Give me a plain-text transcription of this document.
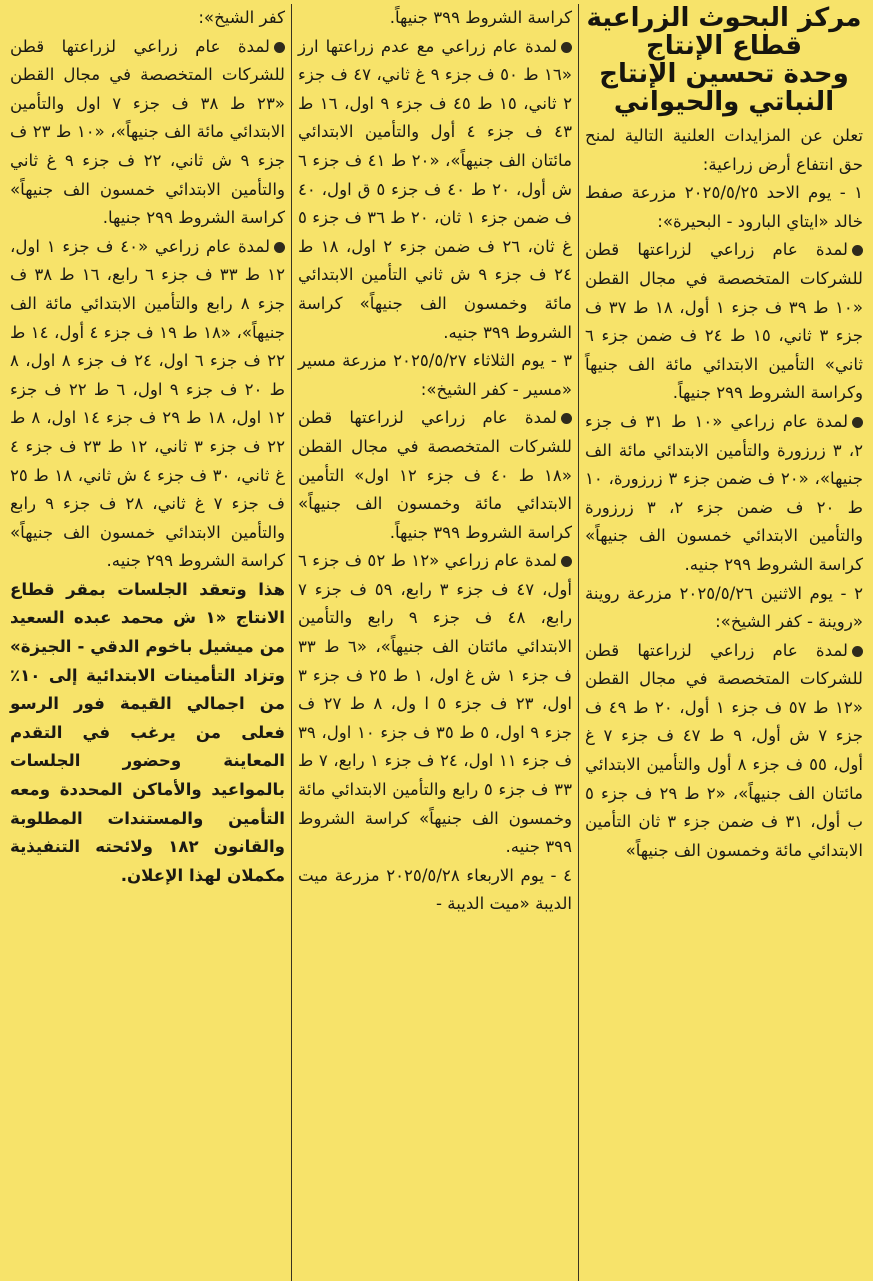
مركز البحوث الزراعية
قطاع الإنتاج
وحدة تحسين الإنتاج
النباتي والحيواني

تعلن عن المزايدات العلنية التالية لمنح حق انتفاع أرض زراعية:

١ - يوم الاحد ٢٠٢٥/٥/٢٥ مزرعة صفط خالد «ايتاي البارود - البحيرة»:

لمدة عام زراعي لزراعتها قطن للشركات المتخصصة في مجال القطن «١٠ ط ٣٩ ف جزء ١ أول، ١٨ ط ٣٧ ف جزء ٣ ثاني، ١٥ ط ٢٤ ف ضمن جزء ٦ ثاني» التأمين الابتدائي مائة الف جنيهاً وكراسة الشروط ٢٩٩ جنيهاً.

لمدة عام زراعي «١٠ ط ٣١ ف جزء ٢، ٣ زرزورة والتأمين الابتدائي مائة الف جنيها»، «٢٠ ف ضمن جزء ٣ زرزورة، ١٠ ط ٢٠ ف ضمن جزء ٢، ٣ زرزورة والتأمين الابتدائي خمسون الف جنيهاً» كراسة الشروط ٢٩٩ جنيه.

٢ - يوم الاثنين ٢٠٢٥/٥/٢٦ مزرعة روينة «روينة - كفر الشيخ»:

لمدة عام زراعي لزراعتها قطن للشركات المتخصصة في مجال القطن «١٢ ط ٥٧ ف جزء ١ أول، ٢٠ ط ٤٩ ف جزء ٧ ش أول، ٩ ط ٤٧ ف جزء ٧ غ أول، ٥٥ ف جزء ٨ أول والتأمين الابتدائي مائتان الف جنيهاً»، «٢ ط ٢٩ ف جزء ٥ ب أول، ٣١ ف ضمن جزء ٣ ثان التأمين الابتدائي مائة وخمسون الف جنيهاً»

كراسة الشروط ٣٩٩ جنيهاً.

لمدة عام زراعي مع عدم زراعتها ارز «١٦ ط ٥٠ ف جزء ٩ غ ثاني، ٤٧ ف جزء ٢ ثاني، ١٥ ط ٤٥ ف جزء ٩ اول، ١٦ ط ٤٣ ف جزء ٤ أول والتأمين الابتدائي مائتان الف جنيهاً»، «٢٠ ط ٤١ ف جزء ٦ ش أول، ٢٠ ط ٤٠ ف جزء ٥ ق اول، ٤٠ ف ضمن جزء ١ ثان، ٢٠ ط ٣٦ ف جزء ٥ غ ثان، ٢٦ ف ضمن جزء ٢ اول، ١٨ ط ٢٤ ف جزء ٩ ش ثاني التأمين الابتدائي مائة وخمسون الف جنيهاً» كراسة الشروط ٣٩٩ جنيه.

٣ - يوم الثلاثاء ٢٠٢٥/٥/٢٧ مزرعة مسير «مسير - كفر الشيخ»:

لمدة عام زراعي لزراعتها قطن للشركات المتخصصة في مجال القطن «١٨ ط ٤٠ ف جزء ١٢ اول» التأمين الابتدائي مائة وخمسون الف جنيهاً» كراسة الشروط ٣٩٩ جنيهاً.

لمدة عام زراعي «١٢ ط ٥٢ ف جزء ٦ أول، ٤٧ ف جزء ٣ رابع، ٥٩ ف جزء ٧ رابع، ٤٨ ف جزء ٩ رابع والتأمين الابتدائي مائتان الف جنيهاً»، «٦ ط ٣٣ ف جزء ١ ش غ اول، ١ ط ٢٥ ف جزء ٣ اول، ٢٣ ف جزء ٥ ا ول، ٨ ط ٢٧ ف جزء ٩ اول، ٥ ط ٣٥ ف جزء ١٠ اول، ٣٩ ف جزء ١١ اول، ٢٤ ف جزء ١ رابع، ٧ ط ٣٣ ف جزء ٥ رابع والتأمين الابتدائي مائة وخمسون الف جنيهاً» كراسة الشروط ٣٩٩ جنيه.

٤ - يوم الاربعاء ٢٠٢٥/٥/٢٨ مزرعة ميت الديبة «ميت الديبة -

كفر الشيخ»:

لمدة عام زراعي لزراعتها قطن للشركات المتخصصة في مجال القطن «٢٣ ط ٣٨ ف جزء ٧ اول والتأمين الابتدائي مائة الف جنيهاً»، «١٠ ط ٢٣ ف جزء ٩ ش ثاني، ٢٢ ف جزء ٩ غ ثاني والتأمين الابتدائي خمسون الف جنيهاً» كراسة الشروط ٢٩٩ جنيها.

لمدة عام زراعي «٤٠ ف جزء ١ اول، ١٢ ط ٣٣ ف جزء ٦ رابع، ١٦ ط ٣٨ ف جزء ٨ رابع والتأمين الابتدائي مائة الف جنيهاً»، «١٨ ط ١٩ ف جزء ٤ أول، ١٤ ط ٢٢ ف جزء ٦ اول، ٢٤ ف جزء ٨ اول، ٨ ط ٢٠ ف جزء ٩ اول، ٦ ط ٢٢ ف جزء ١٢ اول، ١٨ ط ٢٩ ف جزء ١٤ اول، ٨ ط ٢٢ ف جزء ٣ ثاني، ١٢ ط ٢٣ ف جزء ٤ غ ثاني، ٣٠ ف جزء ٤ ش ثاني، ١٨ ط ٢٥ ف جزء ٧ غ ثاني، ٢٨ ف جزء ٩ رابع والتأمين الابتدائي خمسون الف جنيهاً» كراسة الشروط ٢٩٩ جنيه.

هذا وتعقد الجلسات بمقر قطاع الانتاج «١ ش محمد عبده السعيد من ميشيل باخوم الدقي - الجيزة» وتزاد التأمينات الابتدائية إلى ١٠٪ من اجمالي القيمة فور الرسو فعلى من يرغب في التقدم المعاينة وحضور الجلسات بالمواعيد والأماكن المحددة ومعه التأمين والمستندات المطلوبة والقانون ١٨٢ ولائحته التنفيذية مكملان لهذا الإعلان.
